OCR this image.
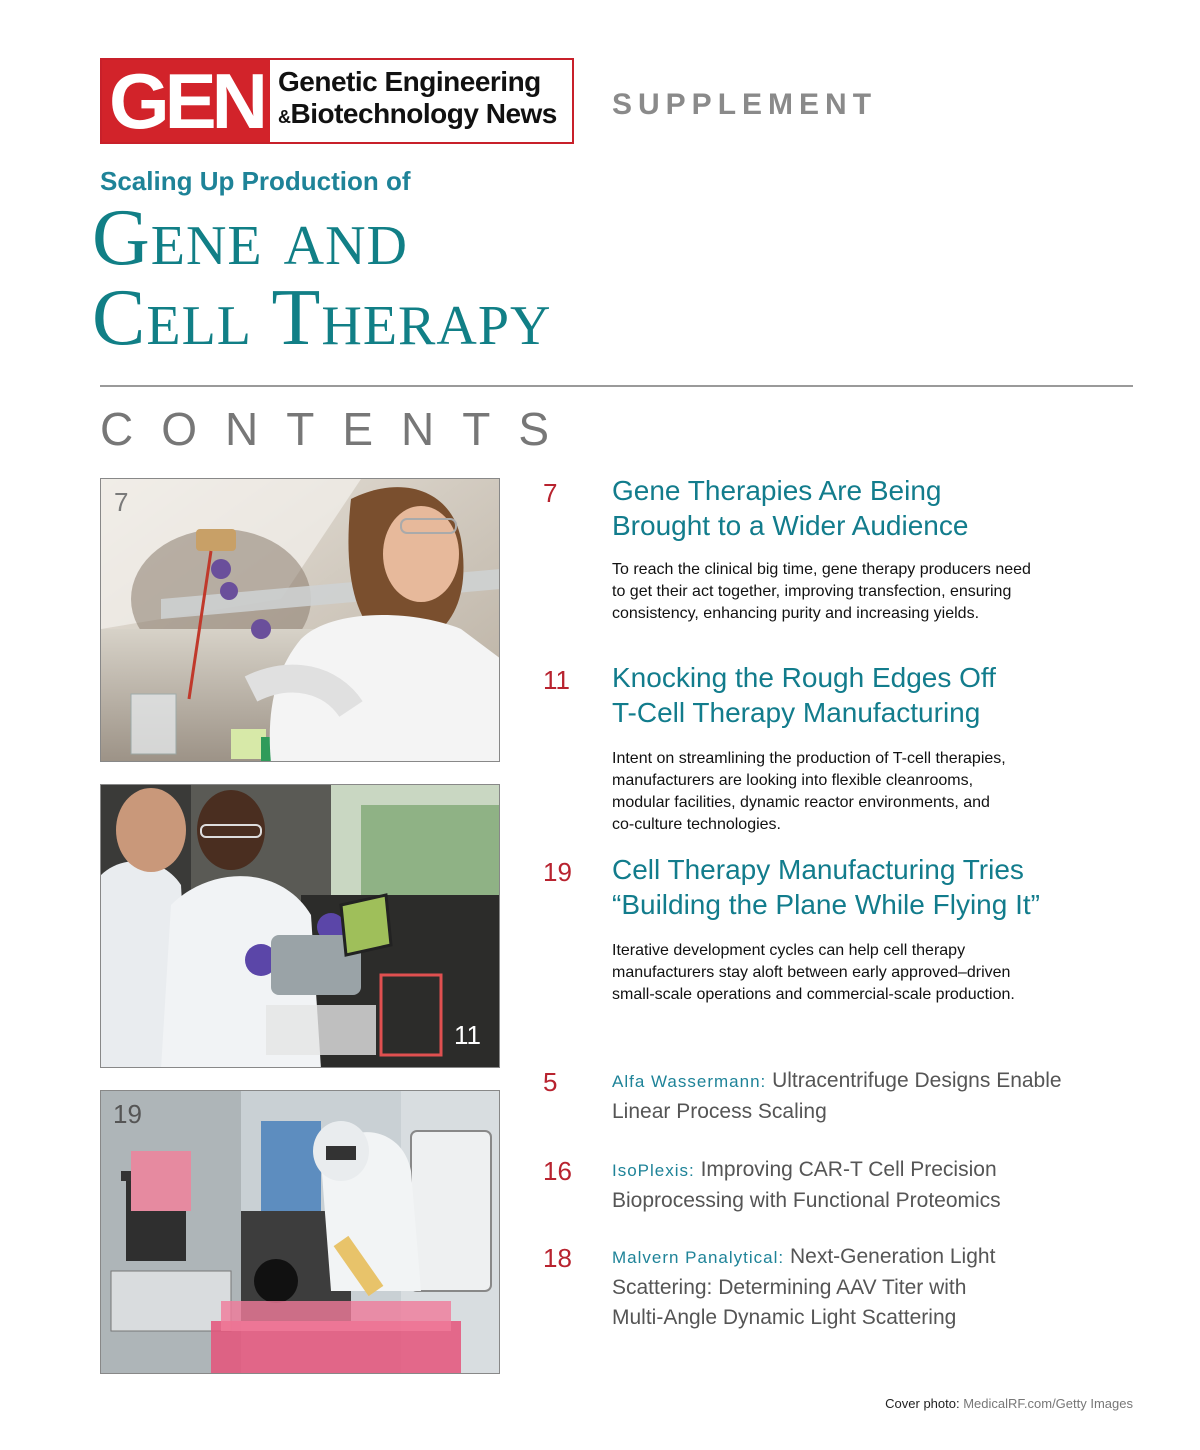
GEN Genetic Engineering
&Biotechnology News SUPPLEMENT
Scaling Up Production of
Gene and
Cell Therapy
CONTENTS
7
11
19
7 Gene Therapies Are Being
Brought to a Wider Audience
To reach the clinical big time, gene therapy producers need
to get their act together, improving transfection, ensuring
consistency, enhancing purity and increasing yields.
11 Knocking the Rough Edges Off
T-Cell Therapy Manufacturing
Intent on streamlining the production of T-cell therapies,
manufacturers are looking into flexible cleanrooms,
modular facilities, dynamic reactor environments, and
co-culture technologies.
19 Cell Therapy Manufacturing Tries
“Building the Plane While Flying It”
Iterative development cycles can help cell therapy
manufacturers stay aloft between early approved–driven
small-scale operations and commercial-scale production.
5	Alfa Wassermann: Ultracentrifuge Designs Enable
Linear Process Scaling
16 IsoPlexis: Improving CAR-T Cell Precision
Bioprocessing with Functional Proteomics
18 Malvern Panalytical: Next-Generation Light
Scattering: Determining AAV Titer with
Multi-Angle Dynamic Light Scattering
Cover photo: MedicalRF.com/Getty Images
